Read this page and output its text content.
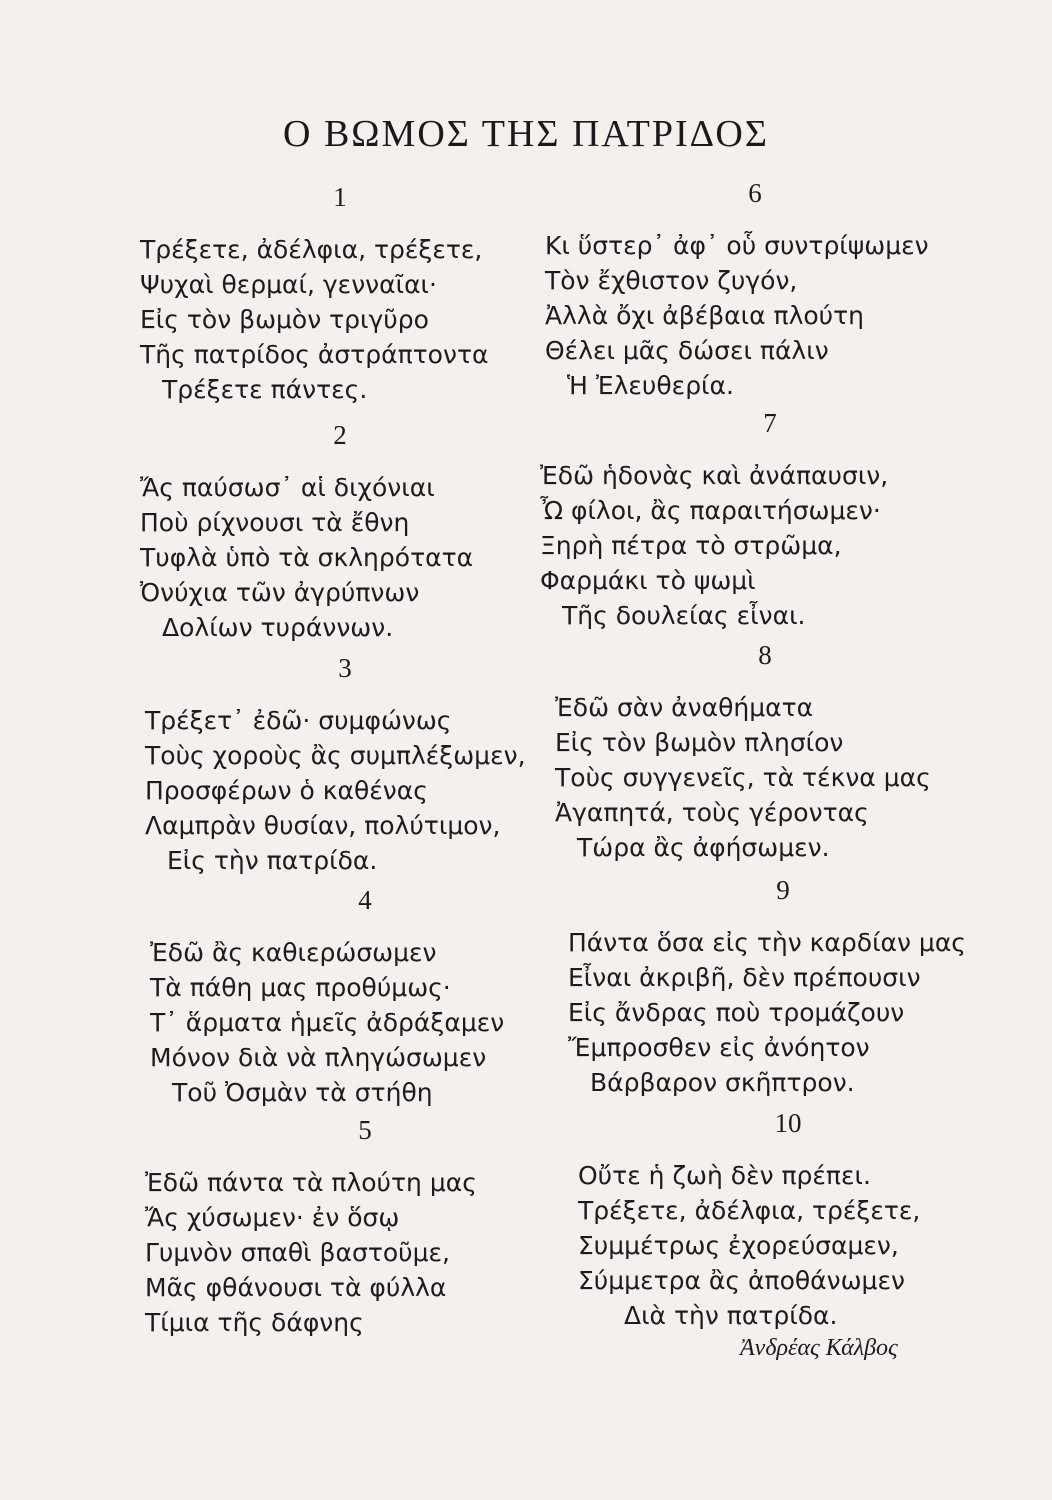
Ο ΒΩΜΟΣ ΤΗΣ ΠΑΤΡΙΔΟΣ
1
Τρέξετε, ἀδέλφια, τρέξετε,
Ψυχαὶ θερμαί, γενναῖαι·
Εἰς τὸν βωμὸν τριγῦρο
Τῆς πατρίδος ἀστράπτοντα
Τρέξετε πάντες.
2
Ἄς παύσωσ᾽ αἱ διχόνιαι
Ποὺ ρίχνουσι τὰ ἔθνη
Τυφλὰ ὑπὸ τὰ σκληρότατα
Ὀνύχια τῶν ἀγρύπνων
Δολίων τυράννων.
3
Τρέξετ᾽ ἐδῶ· συμφώνως
Τοὺς χοροὺς ἂς συμπλέξωμεν,
Προσφέρων ὁ καθένας
Λαμπρὰν θυσίαν, πολύτιμον,
Εἰς τὴν πατρίδα.
4
Ἐδῶ ἂς καθιερώσωμεν
Τὰ πάθη μας προθύμως·
Τ᾽ ἅρματα ἡμεῖς ἀδράξαμεν
Μόνον διὰ νὰ πληγώσωμεν
Τοῦ Ὀσμὰν τὰ στήθη
5
Ἐδῶ πάντα τὰ πλούτη μας
Ἄς χύσωμεν· ἐν ὅσῳ
Γυμνὸν σπαθὶ βαστοῦμε,
Μᾶς φθάνουσι τὰ φύλλα
Τίμια τῆς δάφνης
6
Κι ὕστερ᾽ ἀφ᾽ οὗ συντρίψωμεν
Τὸν ἔχθιστον ζυγόν,
Ἀλλὰ ὄχι ἀβέβαια πλούτη
Θέλει μᾶς δώσει πάλιν
Ἡ Ἐλευθερία.
7
Ἐδῶ ἡδονὰς καὶ ἀνάπαυσιν,
Ὦ φίλοι, ἂς παραιτήσωμεν·
Ξηρὴ πέτρα τὸ στρῶμα,
Φαρμάκι τὸ ψωμὶ
Τῆς δουλείας εἶναι.
8
Ἐδῶ σὰν ἀναθήματα
Εἰς τὸν βωμὸν πλησίον
Τοὺς συγγενεῖς, τὰ τέκνα μας
Ἀγαπητά, τοὺς γέροντας
Τώρα ἂς ἀφήσωμεν.
9
Πάντα ὅσα εἰς τὴν καρδίαν μας
Εἶναι ἀκριβῆ, δὲν πρέπουσιν
Εἰς ἄνδρας ποὺ τρομάζουν
Ἔμπροσθεν εἰς ἀνόητον
Βάρβαρον σκῆπτρον.
10
Οὔτε ἡ ζωὴ δὲν πρέπει.
Τρέξετε, ἀδέλφια, τρέξετε,
Συμμέτρως ἐχορεύσαμεν,
Σύμμετρα ἂς ἀποθάνωμεν
Διὰ τὴν πατρίδα.
Ἀνδρέας Κάλβος
